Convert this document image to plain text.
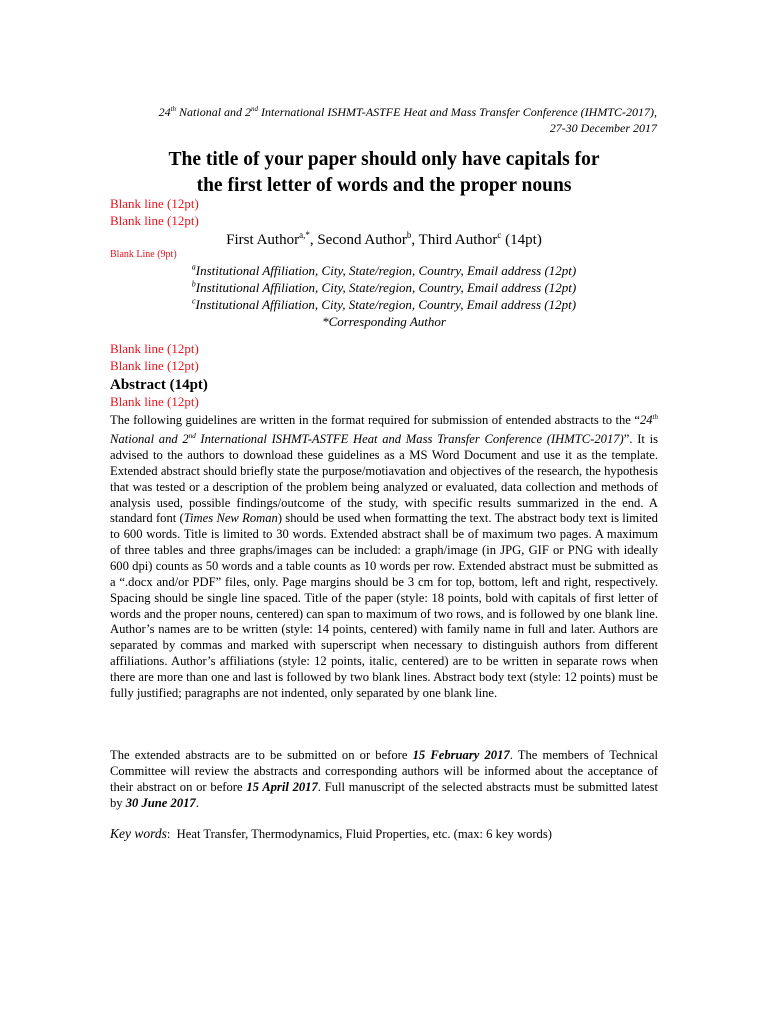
24th National and 2nd International ISHMT-ASTFE Heat and Mass Transfer Conference (IHMTC-2017),
27-30 December 2017
The title of your paper should only have capitals for
the first letter of words and the proper nouns
Blank line (12pt)
Blank line (12pt)
First Author$^{a,*}$, Second Author$^b$, Third Author$^c$ (14pt)
Blank Line (9pt)
$^a$Institutional Affiliation, City, State/region, Country, Email address (12pt)
$^b$Institutional Affiliation, City, State/region, Country, Email address (12pt)
$^c$Institutional Affiliation, City, State/region, Country, Email address (12pt)
*Corresponding Author
Blank line (12pt)
Blank line (12pt)
Abstract (14pt)
Blank line (12pt)

The following guidelines are written in the format required for submission of entended abstracts to the “24th National and 2nd International ISHMT-ASTFE Heat and Mass Transfer Conference (IHMTC-2017)”. It is advised to the authors to download these guidelines as a MS Word Document and use it as the template. Extended abstract should briefly state the purpose/motiavation and objectives of the research, the hypothesis that was tested or a description of the problem being analyzed or evaluated, data collection and methods of analysis used, possible findings/outcome of the study, with specific results summarized in the end. A standard font (Times New Roman) should be used when formatting the text. The abstract body text is limited to 600 words. Title is limited to 30 words. Extended abstract shall be of maximum two pages. A maximum of three tables and three graphs/images can be included: a graph/image (in JPG, GIF or PNG with ideally 600 dpi) counts as 50 words and a table counts as 10 words per row. Extended abstract must be submitted as a “.docx and/or PDF” files, only. Page margins should be 3 cm for top, bottom, left and right, respectively. Spacing should be single line spaced. Title of the paper (style: 18 points, bold with capitals of first letter of words and the proper nouns, centered) can span to maximum of two rows, and is followed by one blank line. Author’s names are to be written (style: 14 points, centered) with family name in full and later. Authors are separated by commas and marked with superscript when necessary to distinguish authors from different affiliations. Author’s affiliations (style: 12 points, italic, centered) are to be written in separate rows when there are more than one and last is followed by two blank lines. Abstract body text (style: 12 points) must be fully justified; paragraphs are not indented, only separated by one blank line.

The extended abstracts are to be submitted on or before 15 February 2017. The members of Technical Committee will review the abstracts and corresponding authors will be informed about the acceptance of their abstract on or before 15 April 2017. Full manuscript of the selected abstracts must be submitted latest by 30 June 2017.

Key words:  Heat Transfer, Thermodynamics, Fluid Properties, etc. (max: 6 key words)
